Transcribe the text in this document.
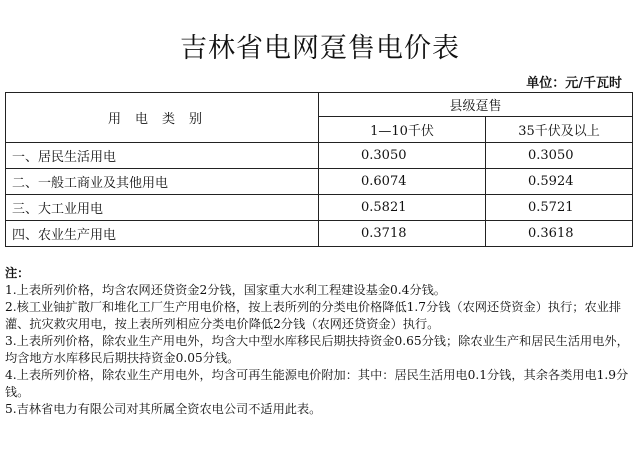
吉林省电网趸售电价表
单位：元/千瓦时
用电类别	县级趸售	
	1—10千伏	35千伏及以上
一、居民生活用电	0.3050	0.3050
二、一般工商业及其他用电	0.6074	0.5924
三、大工业用电	0.5821	0.5721
四、农业生产用电	0.3718	0.3618

注：

1.上表所列价格，均含农网还贷资金2分钱，国家重大水利工程建设基金0.4分钱。

2.核工业铀扩散厂和堆化工厂生产用电价格，按上表所列的分类电价格降低1.7分钱（农网还贷资金）执行；农业排灌、抗灾救灾用电，按上表所列相应分类电价降低2分钱（农网还贷资金）执行。

3.上表所列价格，除农业生产用电外，均含大中型水库移民后期扶持资金0.65分钱；除农业生产和居民生活用电外，均含地方水库移民后期扶持资金0.05分钱。

4.上表所列价格，除农业生产用电外，均含可再生能源电价附加：其中：居民生活用电0.1分钱，其余各类用电1.9分钱。

5.吉林省电力有限公司对其所属全资农电公司不适用此表。
